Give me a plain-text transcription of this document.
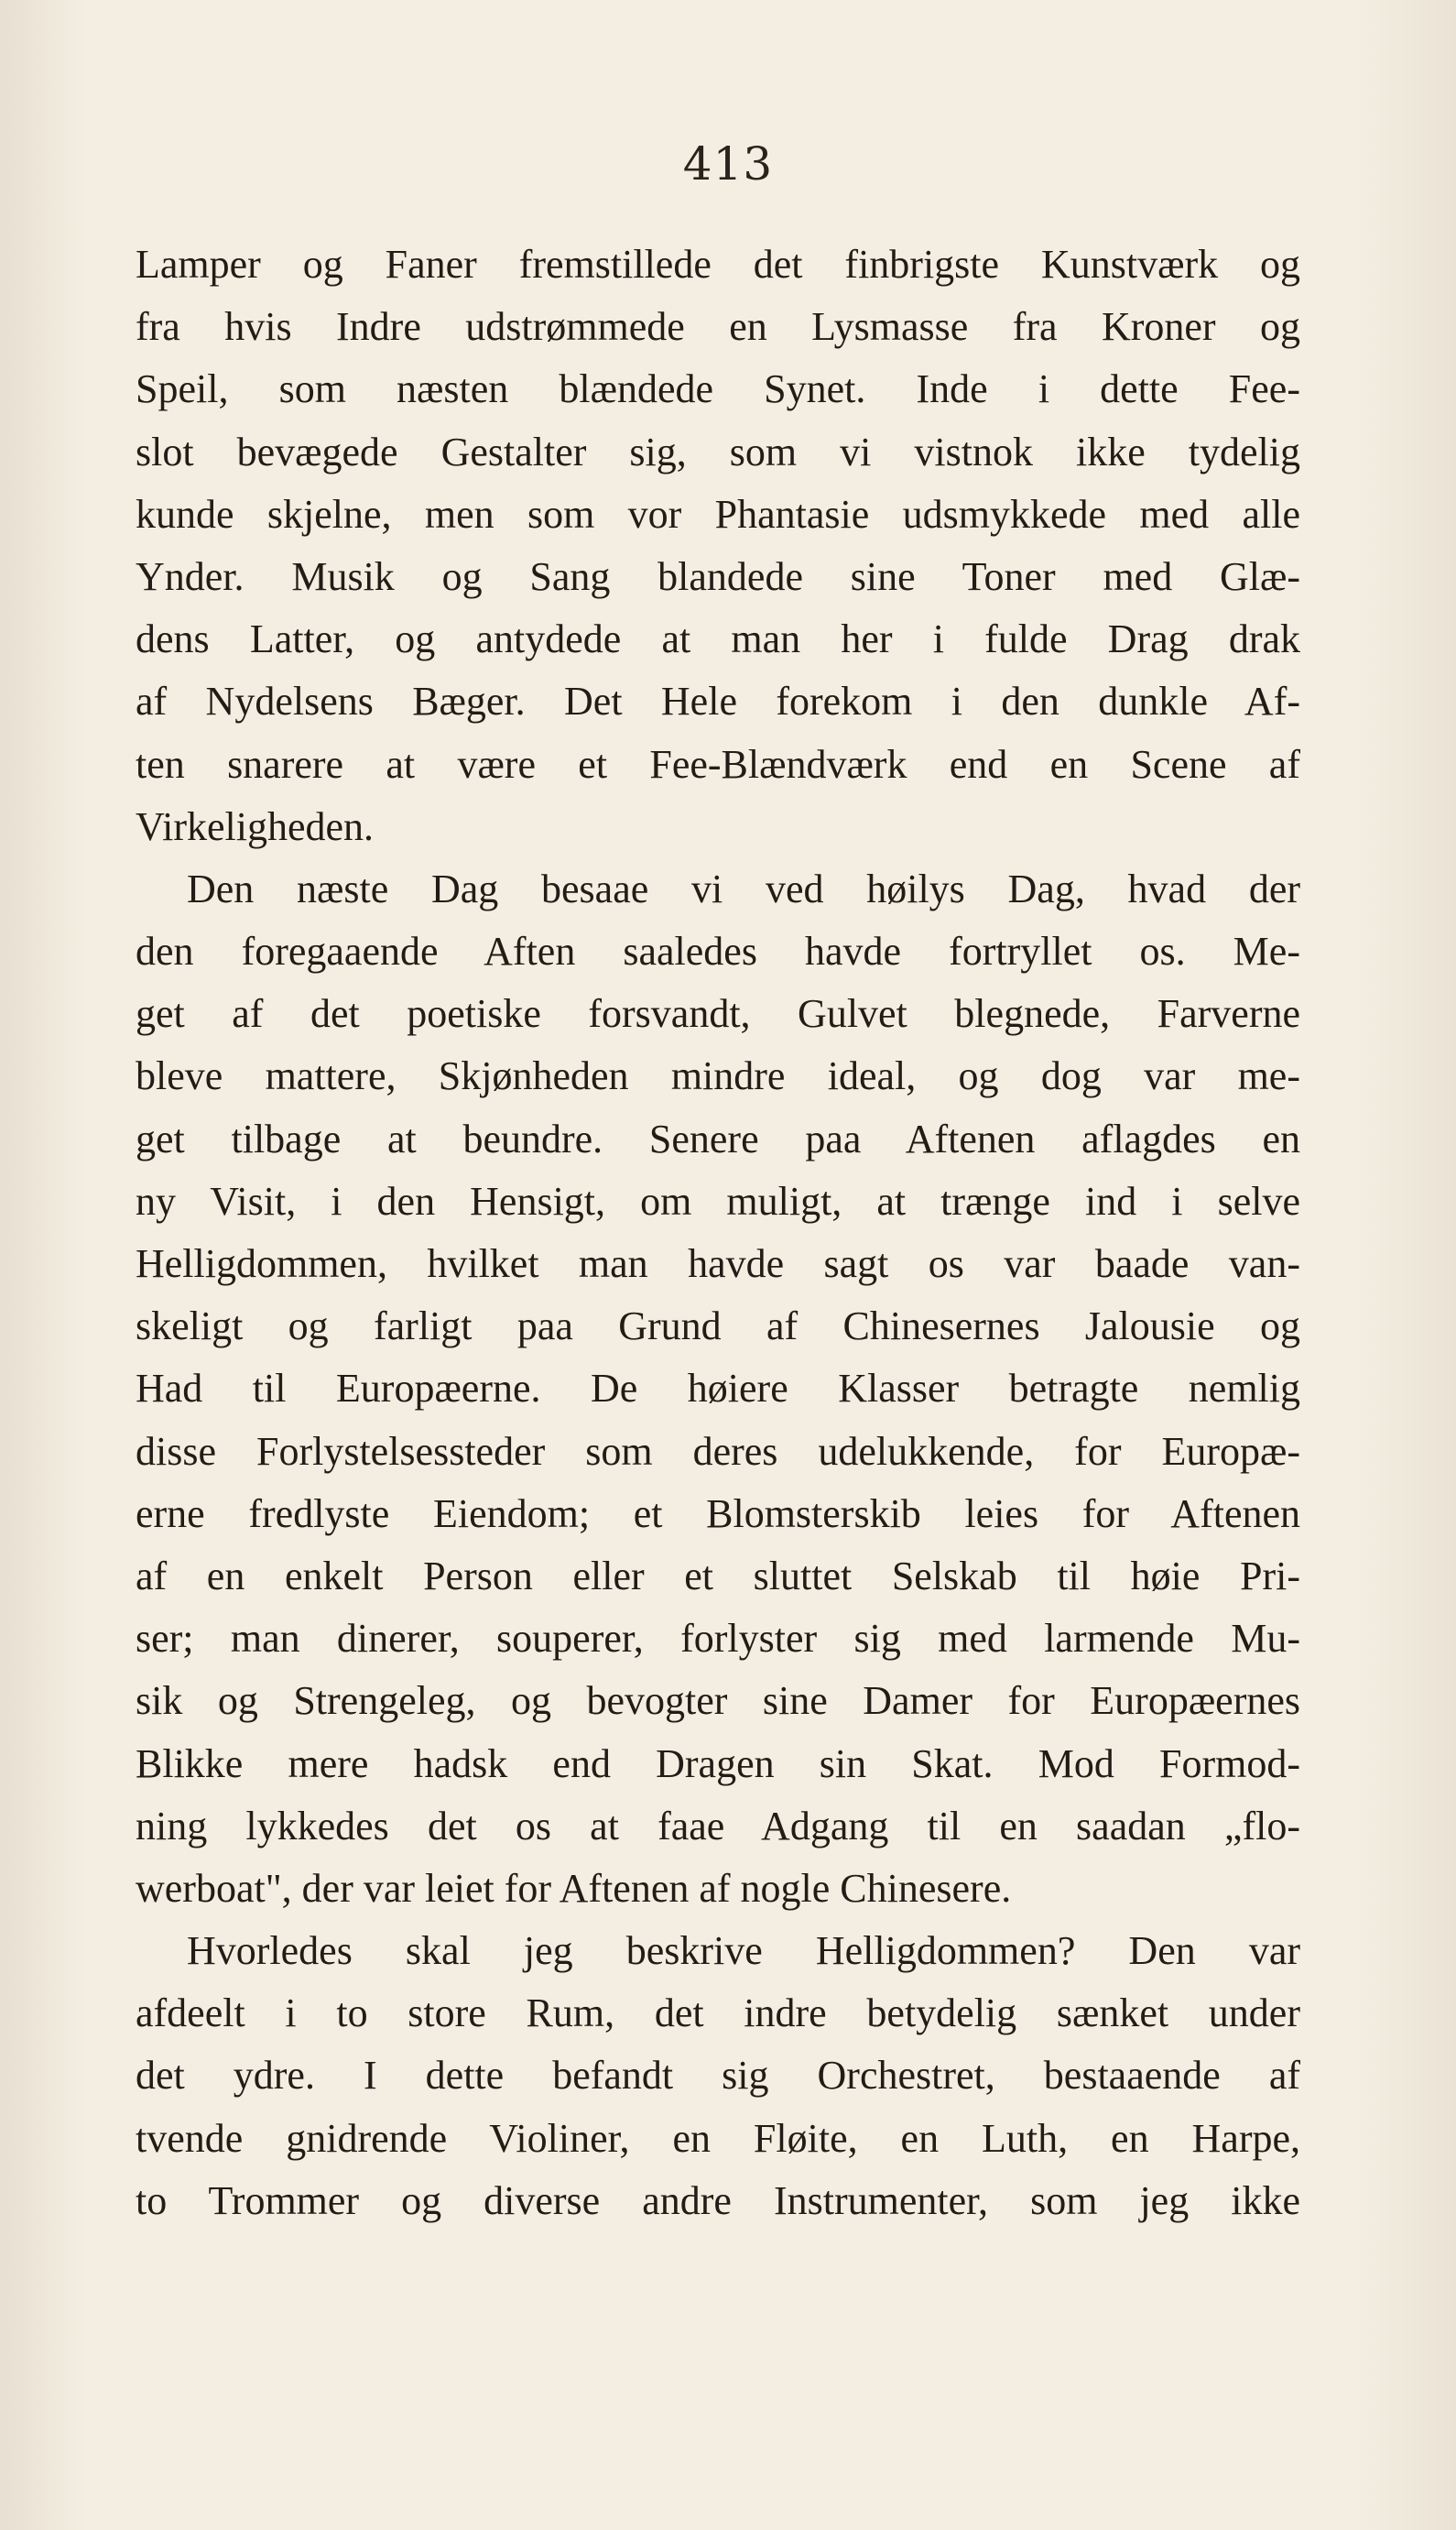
413
Lamper og Faner fremstillede det finbrigste Kunstværk og
fra hvis Indre udstrømmede en Lysmasse fra Kroner og
Speil, som næsten blændede Synet. Inde i dette Fee-
slot bevægede Gestalter sig, som vi vistnok ikke tydelig
kunde skjelne, men som vor Phantasie udsmykkede med alle
Ynder. Musik og Sang blandede sine Toner med Glæ-
dens Latter, og antydede at man her i fulde Drag drak
af Nydelsens Bæger. Det Hele forekom i den dunkle Af-
ten snarere at være et Fee-Blændværk end en Scene af
Virkeligheden.
Den næste Dag besaae vi ved høilys Dag, hvad der
den foregaaende Aften saaledes havde fortryllet os. Me-
get af det poetiske forsvandt, Gulvet blegnede, Farverne
bleve mattere, Skjønheden mindre ideal, og dog var me-
get tilbage at beundre. Senere paa Aftenen aflagdes en
ny Visit, i den Hensigt, om muligt, at trænge ind i selve
Helligdommen, hvilket man havde sagt os var baade van-
skeligt og farligt paa Grund af Chinesernes Jalousie og
Had til Europæerne. De høiere Klasser betragte nemlig
disse Forlystelsessteder som deres udelukkende, for Europæ-
erne fredlyste Eiendom; et Blomsterskib leies for Aftenen
af en enkelt Person eller et sluttet Selskab til høie Pri-
ser; man dinerer, souperer, forlyster sig med larmende Mu-
sik og Strengeleg, og bevogter sine Damer for Europæernes
Blikke mere hadsk end Dragen sin Skat. Mod Formod-
ning lykkedes det os at faae Adgang til en saadan „flo-
werboat", der var leiet for Aftenen af nogle Chinesere.
Hvorledes skal jeg beskrive Helligdommen? Den var
afdeelt i to store Rum, det indre betydelig sænket under
det ydre. I dette befandt sig Orchestret, bestaaende af
tvende gnidrende Violiner, en Fløite, en Luth, en Harpe,
to Trommer og diverse andre Instrumenter, som jeg ikke
